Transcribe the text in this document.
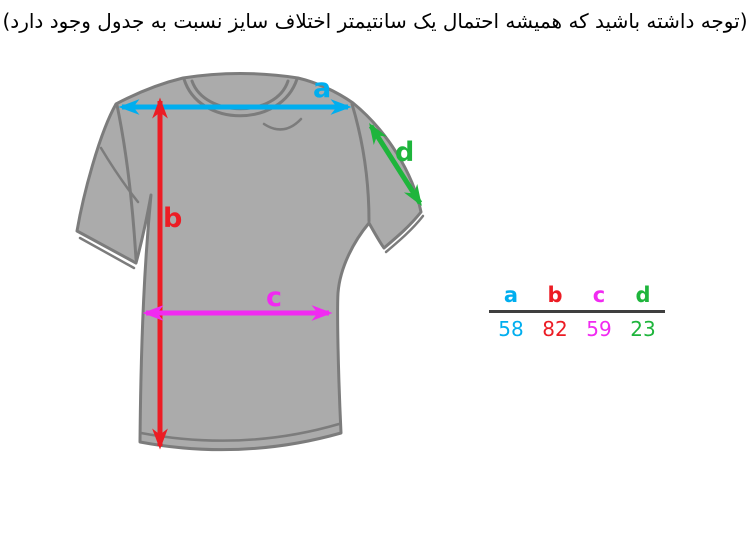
(توجه داشته باشید که همیشه احتمال یک سانتیمتر اختلاف سایز نسبت به جدول وجود دارد)
a
b
c
d
a	b	c	d
58 82 59 23
